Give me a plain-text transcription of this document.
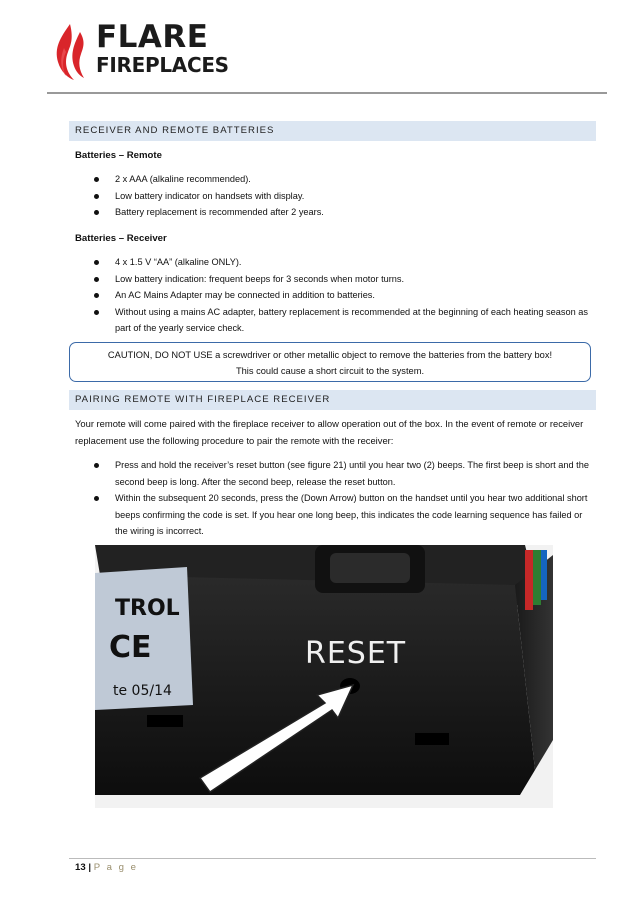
FLARE
FIREPLACES
RECEIVER AND REMOTE BATTERIES
Batteries – Remote
2 x AAA (alkaline recommended).
Low battery indicator on handsets with display.
Battery replacement is recommended after 2 years.
Batteries – Receiver
4 x 1.5 V “AA” (alkaline ONLY).
Low battery indication: frequent beeps for 3 seconds when motor turns.
An AC Mains Adapter may be connected in addition to batteries.
Without using a mains AC adapter, battery replacement is recommended at the beginning of each heating season as part of the yearly service check.
CAUTION, DO NOT USE a screwdriver or other metallic object to remove the batteries from the battery box!
This could cause a short circuit to the system.
PAIRING REMOTE WITH FIREPLACE RECEIVER
Your remote will come paired with the fireplace receiver to allow operation out of the box. In the event of remote or receiver replacement use the following procedure to pair the remote with the receiver:
Press and hold the receiver’s reset button (see figure 21) until you hear two (2) beeps. The first beep is short and the second beep is long. After the second beep, release the reset button.
Within the subsequent 20 seconds, press the (Down Arrow) button on the handset until you hear two additional short beeps confirming the code is set. If you hear one long beep, this indicates the code learning sequence has failed or the wiring is incorrect.
TROL
CE
te 05/14
RESET
13 | P a g e
